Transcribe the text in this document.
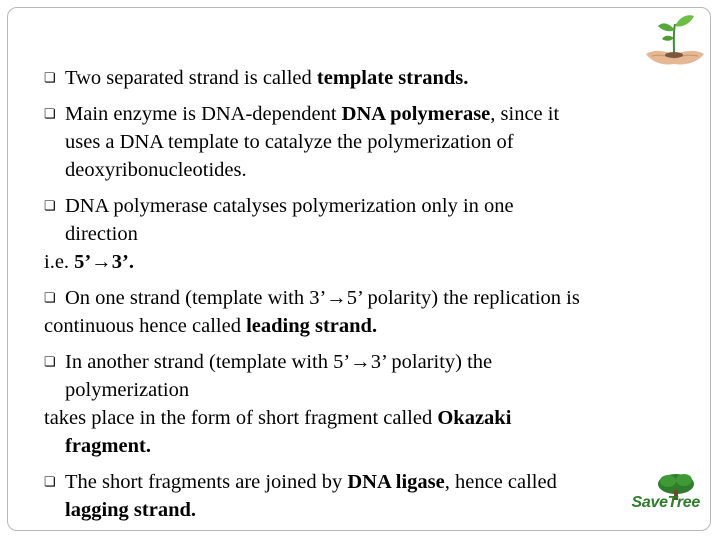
❏ Two separated strand is called template strands.

❏ Main enzyme is DNA-dependent DNA polymerase, since it

uses a DNA template to catalyze the polymerization of

deoxyribonucleotides.

❏ DNA polymerase catalyses polymerization only in one

direction

i.e. 5’→3’.

❏ On one strand (template with 3’→5’ polarity) the replication is

continuous hence called leading strand.

❏ In another strand (template with 5’→3’ polarity) the

polymerization

takes place in the form of short fragment called Okazaki

fragment.

❏ The short fragments are joined by DNA ligase, hence called

lagging strand.	SaveTree
